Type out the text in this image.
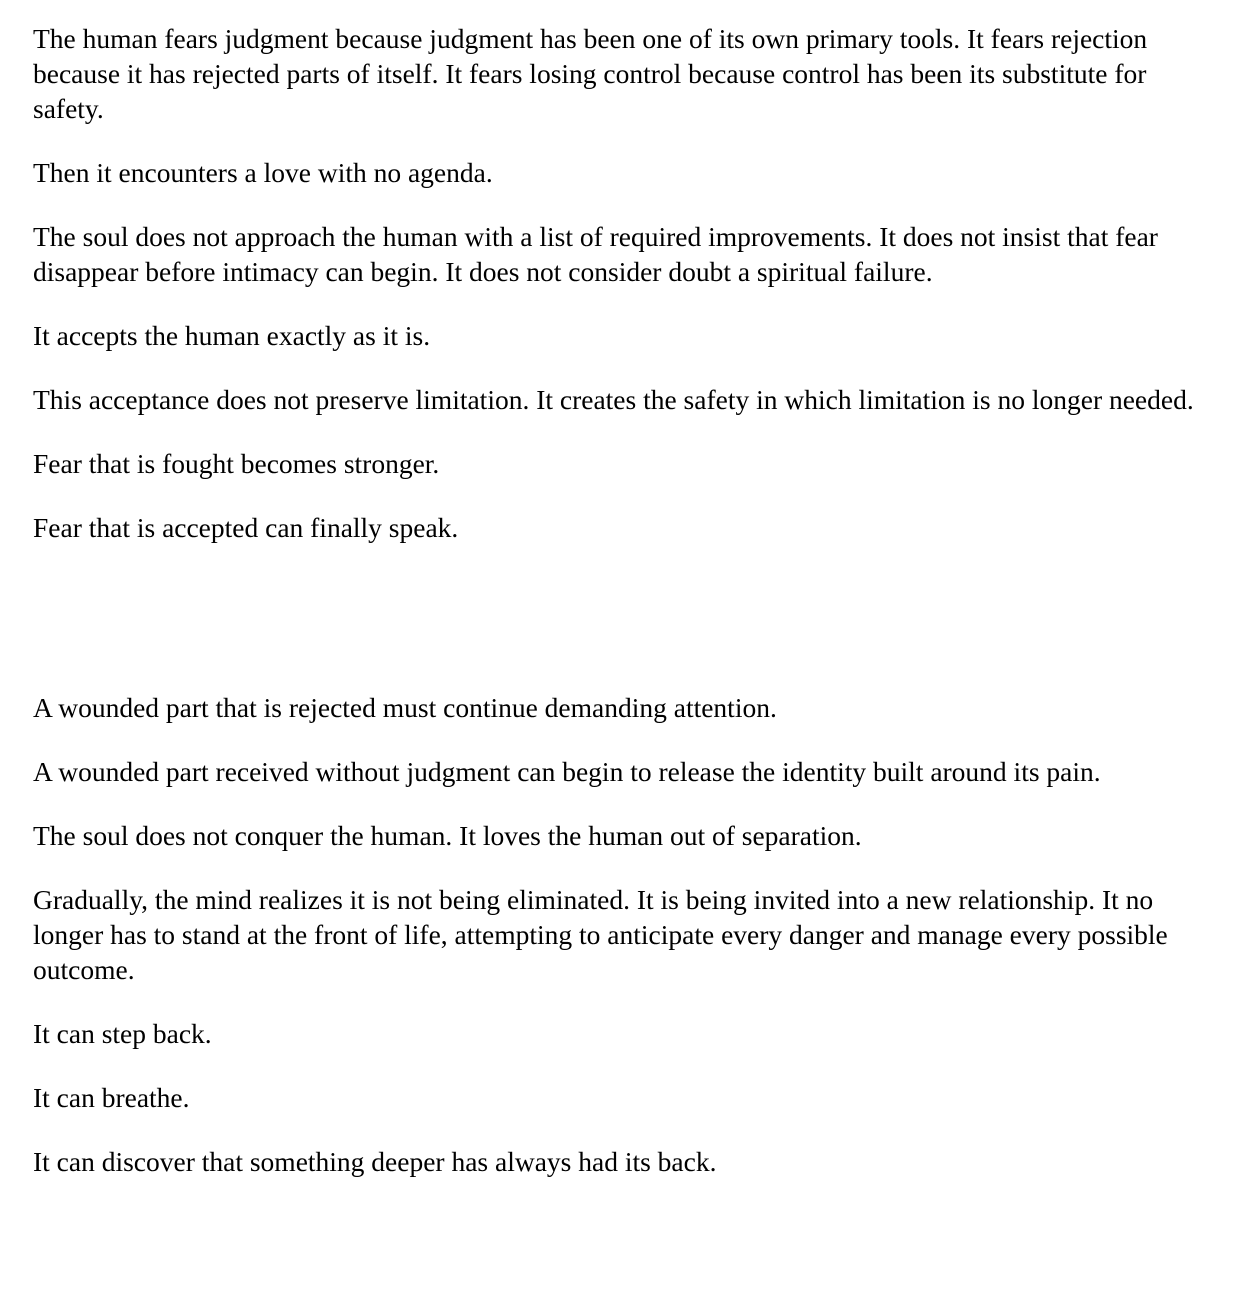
The human fears judgment because judgment has been one of its own primary tools. It fears rejection because it has rejected parts of itself. It fears losing control because control has been its substitute for safety.

Then it encounters a love with no agenda.

The soul does not approach the human with a list of required improvements. It does not insist that fear disappear before intimacy can begin. It does not consider doubt a spiritual failure.

It accepts the human exactly as it is.

This acceptance does not preserve limitation. It creates the safety in which limitation is no longer needed.

Fear that is fought becomes stronger.

Fear that is accepted can finally speak.

A wounded part that is rejected must continue demanding attention.

A wounded part received without judgment can begin to release the identity built around its pain.

The soul does not conquer the human. It loves the human out of separation.

Gradually, the mind realizes it is not being eliminated. It is being invited into a new relationship. It no longer has to stand at the front of life, attempting to anticipate every danger and manage every possible outcome.

It can step back.

It can breathe.

It can discover that something deeper has always had its back.
